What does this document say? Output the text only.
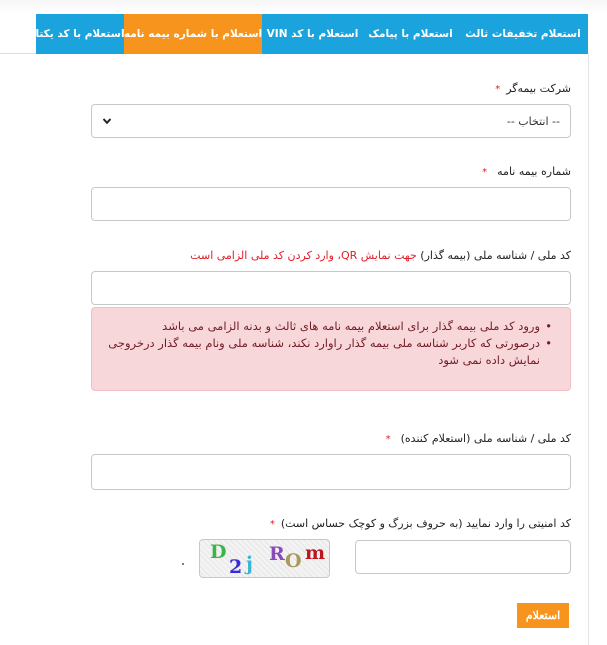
استعلام با کد یکتا استعلام با شماره بیمه نامه استعلام با کد VIN استعلام با پیامک استعلام تخفیفات ثالث
شرکت بیمه‌گر*
-- انتخاب --
شماره بیمه نامه*
کد ملی / شناسه ملی (بیمه گذار) جهت نمایش QR، وارد کردن کد ملی الزامی است
• ورود کد ملی بیمه گذار برای استعلام بیمه نامه های ثالث و بدنه الزامی می باشد
• درصورتی که کاربر شناسه ملی بیمه گذار راوارد نکند، شناسه ملی ونام بیمه گذار درخروجی نمایش داده نمی شود
کد ملی / شناسه ملی (استعلام کننده)*
کد امنیتی را وارد نمایید (به حروف بزرگ و کوچک حساس است)*
D
2 j R O m
استعلام
